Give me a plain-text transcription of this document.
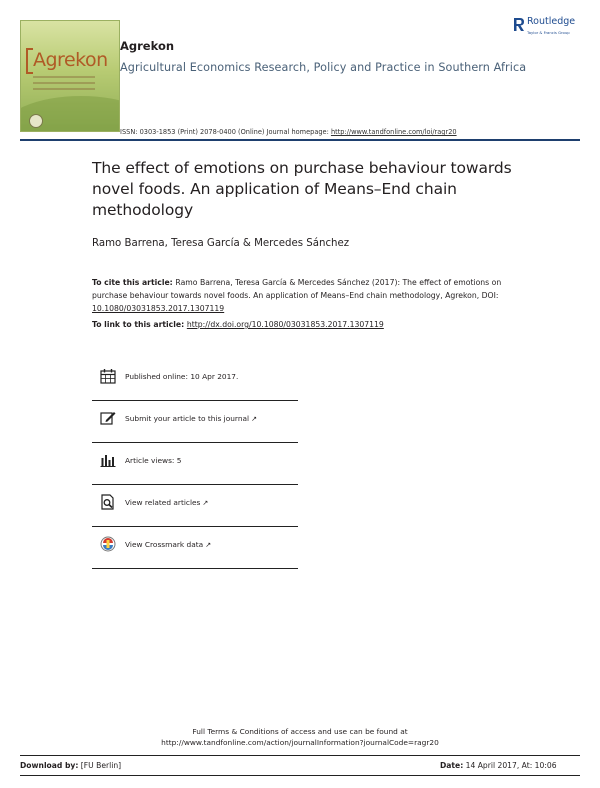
Agrekon
Agrekon
Agricultural Economics Research, Policy and Practice in Southern Africa
ISSN: 0303-1853 (Print) 2078-0400 (Online) Journal homepage: http://www.tandfonline.com/loi/ragr20
Routledge
Taylor & Francis Group
The effect of emotions on purchase behaviour towards novel foods. An application of Means–End chain methodology
Ramo Barrena, Teresa García & Mercedes Sánchez
To cite this article: Ramo Barrena, Teresa García & Mercedes Sánchez (2017): The effect of emotions on purchase behaviour towards novel foods. An application of Means–End chain methodology, Agrekon, DOI: 10.1080/03031853.2017.1307119
To link to this article: http://dx.doi.org/10.1080/03031853.2017.1307119
Published online: 10 Apr 2017.
Submit your article to this journal ↗
Article views: 5
View related articles ↗
View Crossmark data ↗
Full Terms & Conditions of access and use can be found at
http://www.tandfonline.com/action/journalInformation?journalCode=ragr20
Download by: [FU Berlin]	Date: 14 April 2017, At: 10:06
